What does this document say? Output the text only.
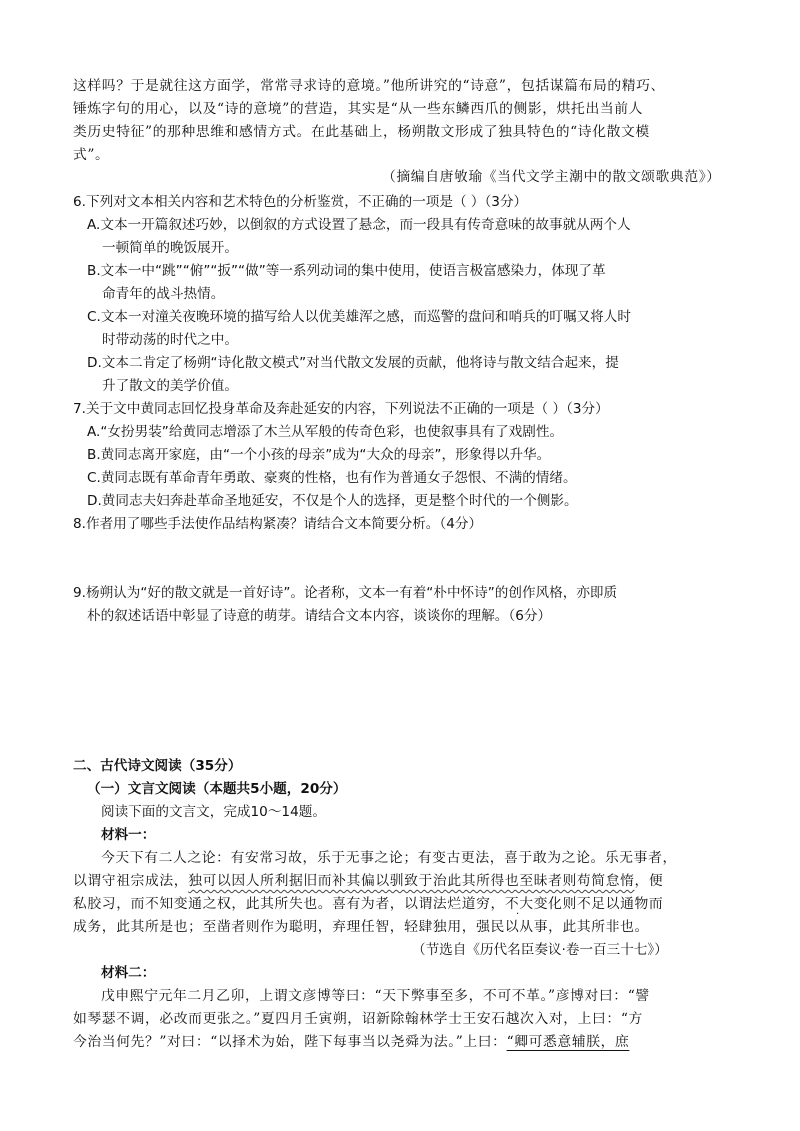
这样吗？于是就往这方面学，常常寻求诗的意境。”他所讲究的“诗意”，包括谋篇布局的精巧、
锤炼字句的用心，以及“诗的意境”的营造，其实是“从一些东鳞西爪的侧影，烘托出当前人
类历史特征”的那种思维和感情方式。在此基础上，杨朔散文形成了独具特色的“诗化散文模
式”。
（摘编自唐敂瑜《当代文学主潮中的散文颂歌典范》）
6.下列对文本相关内容和艺术特色的分析鉴赏，不正确的一项是（ ）（3分）
A.文本一开篇叙述巧妙，以倒叙的方式设置了悬念，而一段具有传奇意味的故事就从两个人
一顿简单的晚饭展开。
B.文本一中“跳”“俯”“扳”“做”等一系列动词的集中使用，使语言极富感染力，体现了革
命青年的战斗热情。
C.文本一对潼关夜晚环境的描写给人以优美雄浑之感，而巡警的盘问和哨兵的叮嘱又将人时
时带动荡的时代之中。
D.文本二肯定了杨朔“诗化散文模式”对当代散文发展的贡献，他将诗与散文结合起来，提
升了散文的美学价值。
7.关于文中黄同志回忆投身革命及奔赴延安的内容，下列说法不正确的一项是（ ）（3分）
A.“女扮男装”给黄同志增添了木兰从军般的传奇色彩，也使叙事具有了戏剧性。
B.黄同志离开家庭，由“一个小孩的母亲”成为“大众的母亲”，形象得以升华。
C.黄同志既有革命青年勇敢、豪爽的性格，也有作为普通女子怨恨、不满的情绪。
D.黄同志夫妇奔赴革命圣地延安，不仅是个人的选择，更是整个时代的一个侧影。
8.作者用了哪些手法使作品结构紧凑？请结合文本简要分析。（4分）
9.杨朔认为“好的散文就是一首好诗”。论者称，文本一有着“朴中怀诗”的创作风格，亦即质
朴的叙述话语中彰显了诗意的萌芽。请结合文本内容，谈谈你的理解。（6分）
二、古代诗文阅读（35分）
（一）文言文阅读（本题共5小题，20分）
阅读下面的文言文，完成10～14题。
材料一：
今天下有二人之论：有安常习故，乐于无事之论；有变古更法，喜于敢为之论。乐无事者，
以谓守祖宗成法，独可以因人所利据旧而补其偏以驯致于治此其所得也至昧者则苟简怠惰，便
私胶习，而不知变通之权，此其所失也。喜有为者，以谓法烂道穷，不大变化则不足以通物而
成务，此其所是也；至凿者则作为聪明，弃理任智，轻肆独用，强民以从事，此其所非也。
·
（节选自《历代名臣奏议·卷一百三十七》）
材料二：
戊申熙宁元年二月乙卯，上谓文彦博等曰：“天下弊事至多，不可不革。”彦博对曰：“譬
如琴瑟不调，必改而更张之。”夏四月壬寅朔，诏新除翰林学士王安石越次入对，上曰：“方
今治当何先？”对曰：“以择术为始，陛下每事当以尧舜为法。”上曰：“卿可悉意辅朕，庶
